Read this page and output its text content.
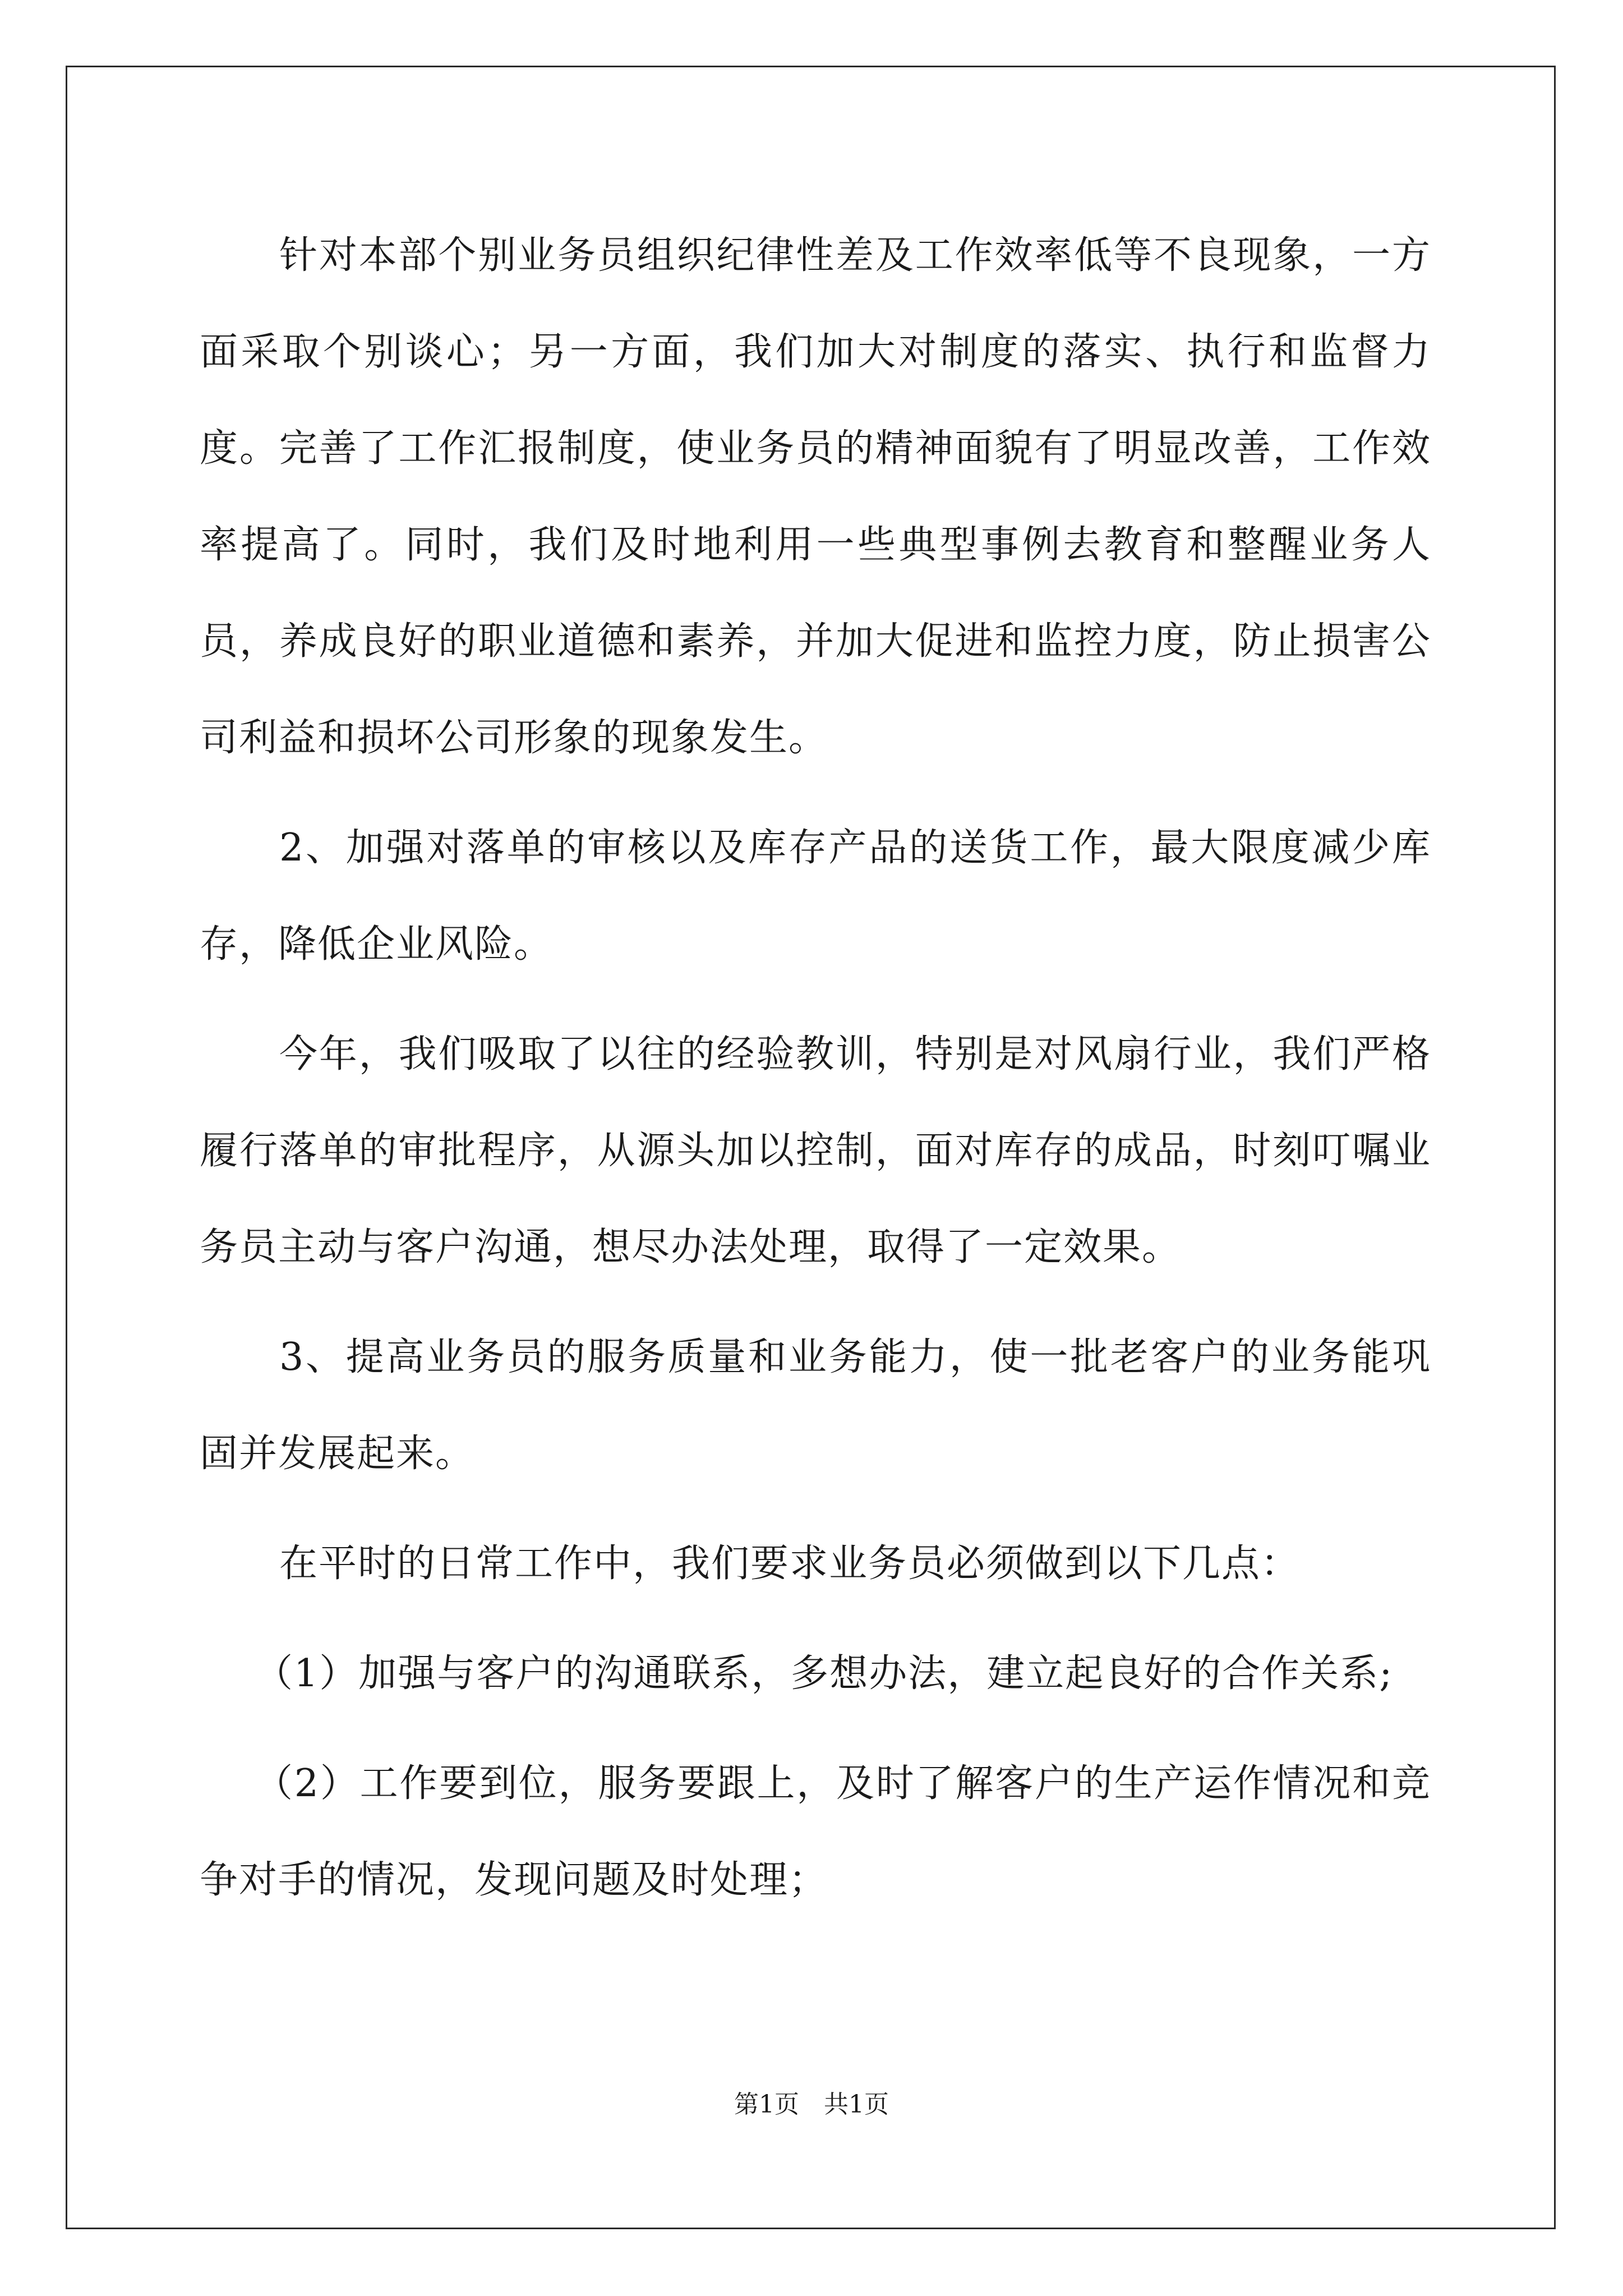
针对本部个别业务员组织纪律性差及工作效率低等不良现象，一方面采取个别谈心；另一方面，我们加大对制度的落实、执行和监督力度。完善了工作汇报制度，使业务员的精神面貌有了明显改善，工作效率提高了。同时，我们及时地利用一些典型事例去教育和整醒业务人员，养成良好的职业道德和素养，并加大促进和监控力度，防止损害公司利益和损坏公司形象的现象发生。

2、加强对落单的审核以及库存产品的送货工作，最大限度减少库存，降低企业风险。

今年，我们吸取了以往的经验教训，特别是对风扇行业，我们严格履行落单的审批程序，从源头加以控制，面对库存的成品，时刻叮嘱业务员主动与客户沟通，想尽办法处理，取得了一定效果。

3、提高业务员的服务质量和业务能力，使一批老客户的业务能巩固并发展起来。

在平时的日常工作中，我们要求业务员必须做到以下几点：

（1）加强与客户的沟通联系，多想办法，建立起良好的合作关系;

（2）工作要到位，服务要跟上，及时了解客户的生产运作情况和竞争对手的情况，发现问题及时处理；

第1页　共1页
